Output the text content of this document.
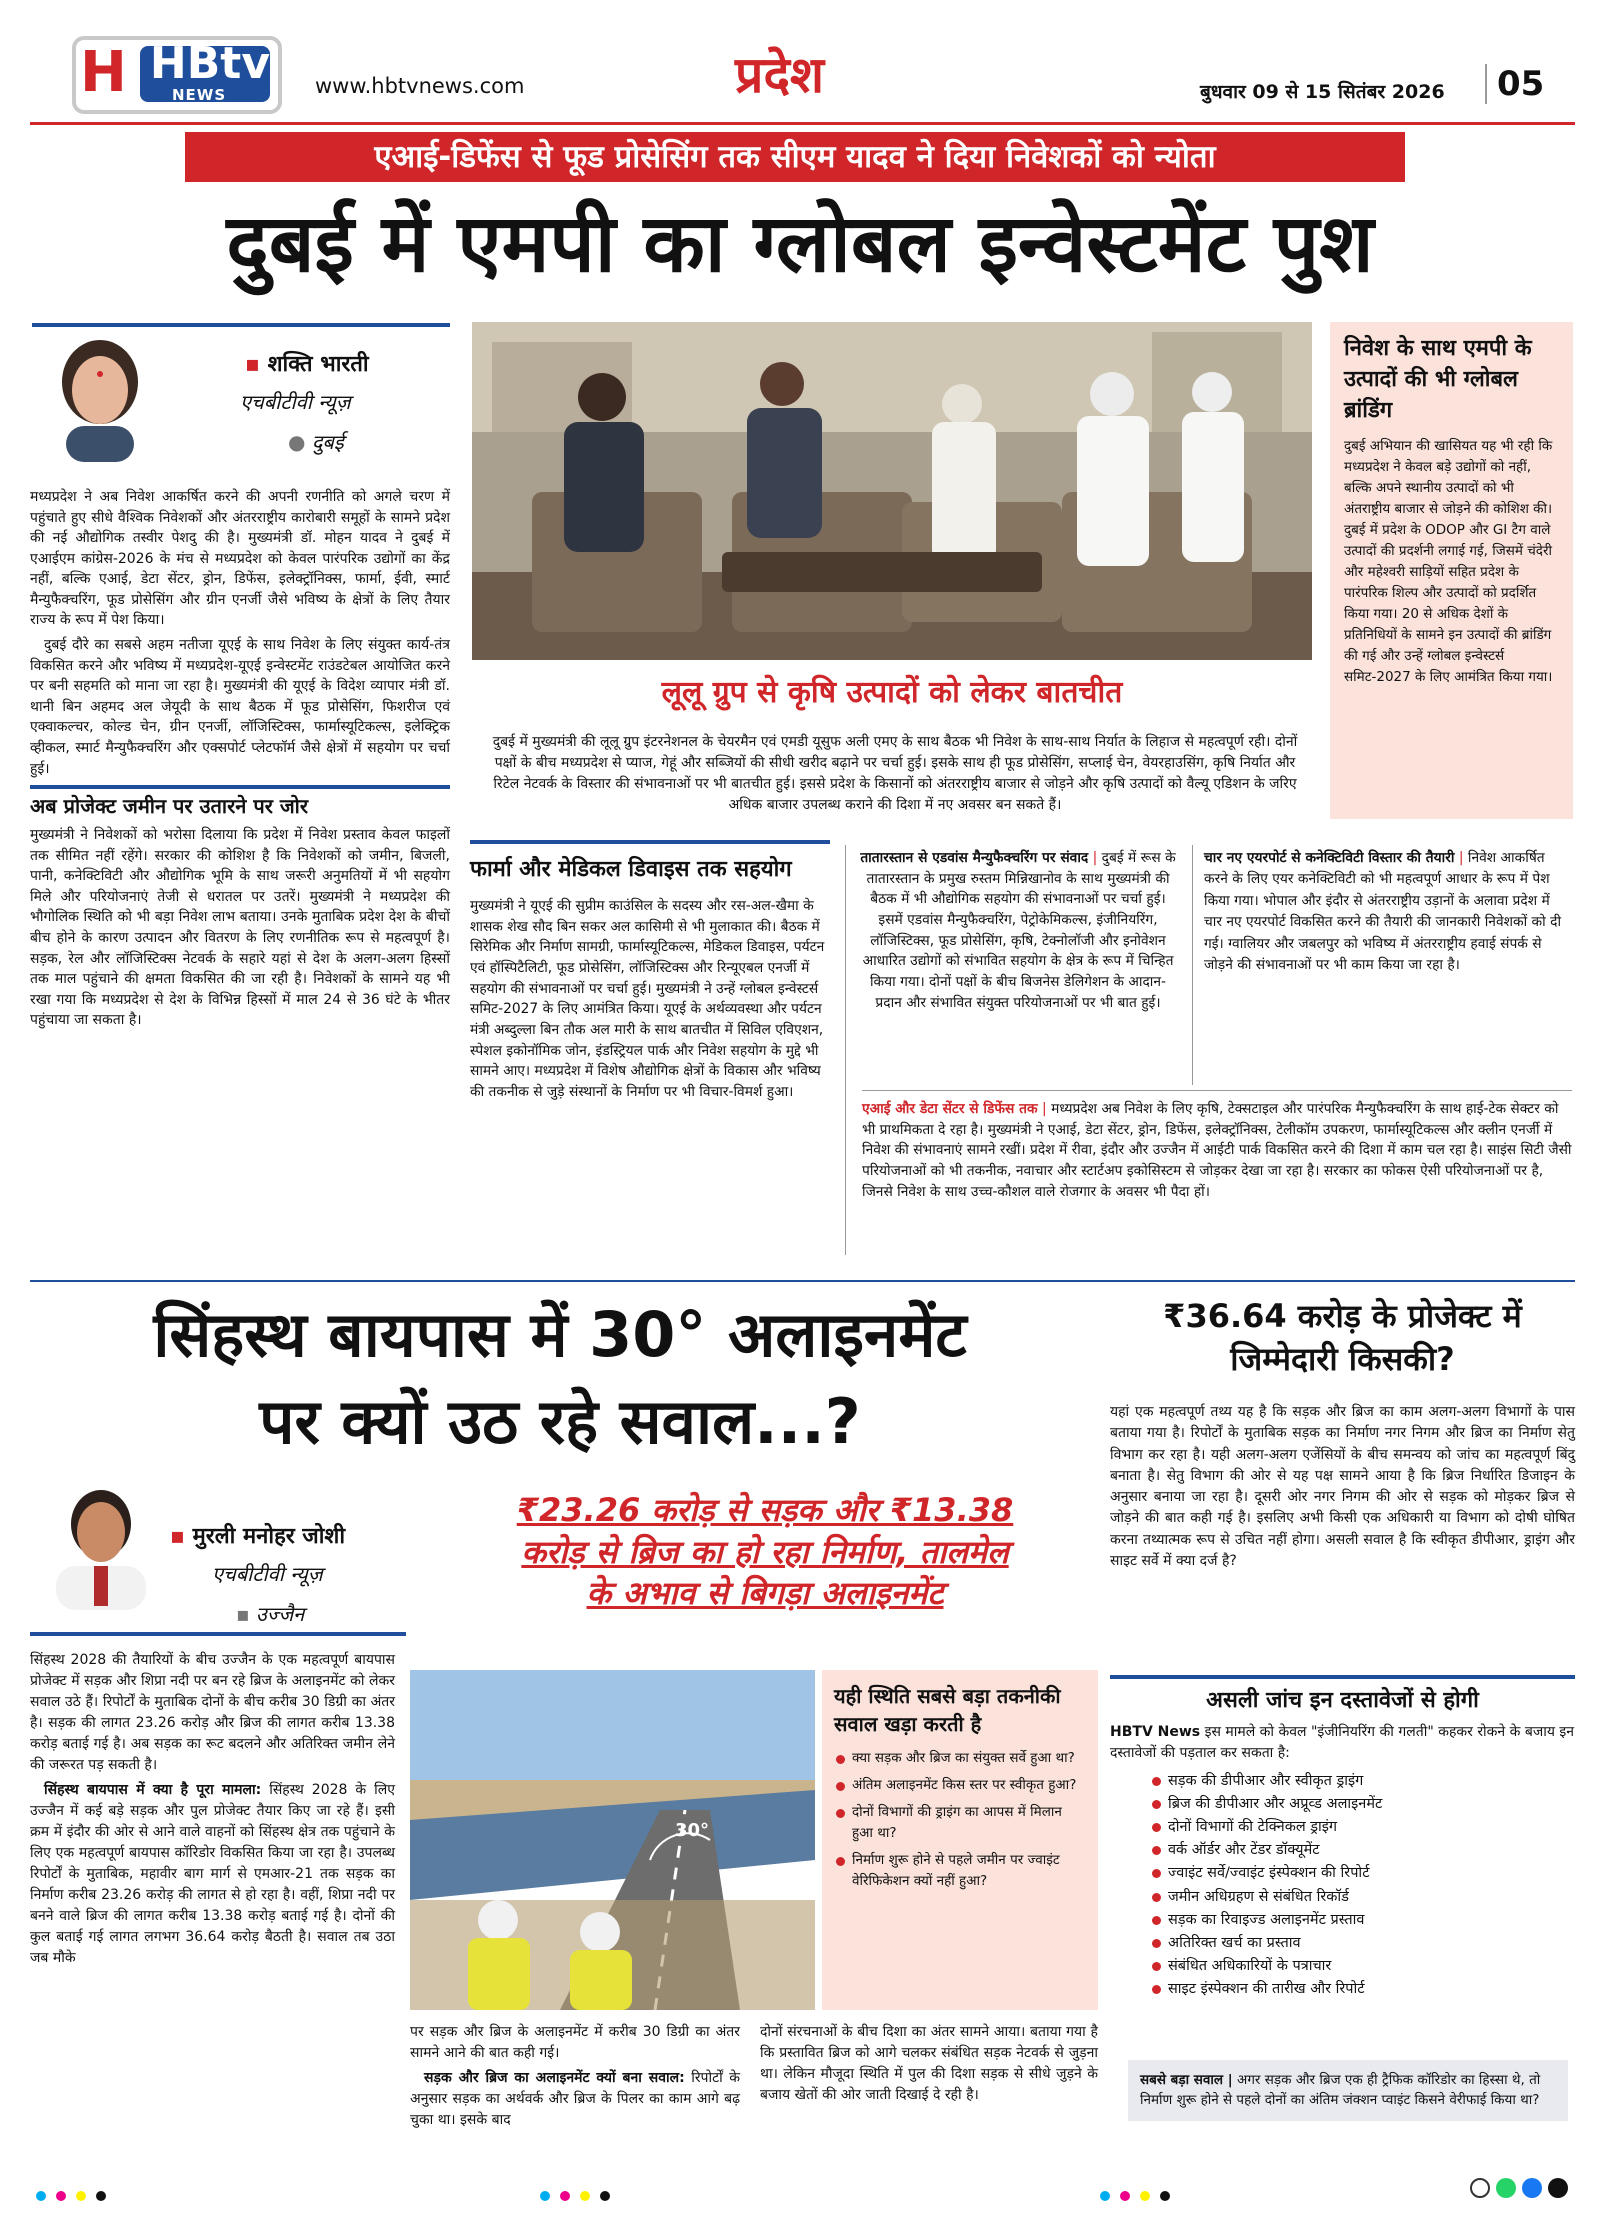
H HBtv
NEWS	www.hbtvnews.com	प्रदेश	बुधवार 09 से 15 सितंबर 2026	05
एआई-डिफेंस से फूड प्रोसेसिंग तक सीएम यादव ने दिया निवेशकों को न्योता
दुबई में एमपी का ग्लोबल इन्वेस्टमेंट पुश
▪ शक्ति भारती
एचबीटीवी न्यूज़
● दुबई

मध्यप्रदेश ने अब निवेश आकर्षित करने की अपनी रणनीति को अगले चरण में पहुंचाते हुए सीधे वैश्विक निवेशकों और अंतरराष्ट्रीय कारोबारी समूहों के सामने प्रदेश की नई औद्योगिक तस्वीर पेशदु की है। मुख्यमंत्री डॉ. मोहन यादव ने दुबई में एआईएम कांग्रेस-2026 के मंच से मध्यप्रदेश को केवल पारंपरिक उद्योगों का केंद्र नहीं, बल्कि एआई, डेटा सेंटर, ड्रोन, डिफेंस, इलेक्ट्रॉनिक्स, फार्मा, ईवी, स्मार्ट मैन्युफैक्चरिंग, फूड प्रोसेसिंग और ग्रीन एनर्जी जैसे भविष्य के क्षेत्रों के लिए तैयार राज्य के रूप में पेश किया।

दुबई दौरे का सबसे अहम नतीजा यूएई के साथ निवेश के लिए संयुक्त कार्य-तंत्र विकसित करने और भविष्य में मध्यप्रदेश-यूएई इन्वेस्टमेंट राउंडटेबल आयोजित करने पर बनी सहमति को माना जा रहा है। मुख्यमंत्री की यूएई के विदेश व्यापार मंत्री डॉ. थानी बिन अहमद अल जेयूदी के साथ बैठक में फूड प्रोसेसिंग, फिशरीज एवं एक्वाकल्चर, कोल्ड चेन, ग्रीन एनर्जी, लॉजिस्टिक्स, फार्मास्यूटिकल्स, इलेक्ट्रिक व्हीकल, स्मार्ट मैन्युफैक्चरिंग और एक्सपोर्ट प्लेटफॉर्म जैसे क्षेत्रों में सहयोग पर चर्चा हुई।

अब प्रोजेक्ट जमीन पर उतारने पर जोर

मुख्यमंत्री ने निवेशकों को भरोसा दिलाया कि प्रदेश में निवेश प्रस्ताव केवल फाइलों तक सीमित नहीं रहेंगे। सरकार की कोशिश है कि निवेशकों को जमीन, बिजली, पानी, कनेक्टिविटी और औद्योगिक भूमि के साथ जरूरी अनुमतियों में भी सहयोग मिले और परियोजनाएं तेजी से धरातल पर उतरें। मुख्यमंत्री ने मध्यप्रदेश की भौगोलिक स्थिति को भी बड़ा निवेश लाभ बताया। उनके मुताबिक प्रदेश देश के बीचों बीच होने के कारण उत्पादन और वितरण के लिए रणनीतिक रूप से महत्वपूर्ण है। सड़क, रेल और लॉजिस्टिक्स नेटवर्क के सहारे यहां से देश के अलग-अलग हिस्सों तक माल पहुंचाने की क्षमता विकसित की जा रही है। निवेशकों के सामने यह भी रखा गया कि मध्यप्रदेश से देश के विभिन्न हिस्सों में माल 24 से 36 घंटे के भीतर पहुंचाया जा सकता है।

लूलू ग्रुप से कृषि उत्पादों को लेकर बातचीत
दुबई में मुख्यमंत्री की लूलू ग्रुप इंटरनेशनल के चेयरमैन एवं एमडी यूसुफ अली एमए के साथ बैठक भी निवेश के साथ-साथ निर्यात के लिहाज से महत्वपूर्ण रही। दोनों पक्षों के बीच मध्यप्रदेश से प्याज, गेहूं और सब्जियों की सीधी खरीद बढ़ाने पर चर्चा हुई। इसके साथ ही फूड प्रोसेसिंग, सप्लाई चेन, वेयरहाउसिंग, कृषि निर्यात और रिटेल नेटवर्क के विस्तार की संभावनाओं पर भी बातचीत हुई। इससे प्रदेश के किसानों को अंतरराष्ट्रीय बाजार से जोड़ने और कृषि उत्पादों को वैल्यू एडिशन के जरिए अधिक बाजार उपलब्ध कराने की दिशा में नए अवसर बन सकते हैं।
निवेश के साथ एमपी के उत्पादों की भी ग्लोबल ब्रांडिंग

दुबई अभियान की खासियत यह भी रही कि मध्यप्रदेश ने केवल बड़े उद्योगों को नहीं, बल्कि अपने स्थानीय उत्पादों को भी अंतराष्ट्रीय बाजार से जोड़ने की कोशिश की। दुबई में प्रदेश के ODOP और GI टैग वाले उत्पादों की प्रदर्शनी लगाई गई, जिसमें चंदेरी और महेश्वरी साड़ियों सहित प्रदेश के पारंपरिक शिल्प और उत्पादों को प्रदर्शित किया गया। 20 से अधिक देशों के प्रतिनिधियों के सामने इन उत्पादों की ब्रांडिंग की गई और उन्हें ग्लोबल इन्वेस्टर्स समिट-2027 के लिए आमंत्रित किया गया।

फार्मा और मेडिकल डिवाइस तक सहयोग

मुख्यमंत्री ने यूएई की सुप्रीम काउंसिल के सदस्य और रस-अल-खैमा के शासक शेख सौद बिन सकर अल कासिमी से भी मुलाकात की। बैठक में सिरेमिक और निर्माण सामग्री, फार्मास्यूटिकल्स, मेडिकल डिवाइस, पर्यटन एवं हॉस्पिटैलिटी, फूड प्रोसेसिंग, लॉजिस्टिक्स और रिन्यूएबल एनर्जी में सहयोग की संभावनाओं पर चर्चा हुई। मुख्यमंत्री ने उन्हें ग्लोबल इन्वेस्टर्स समिट-2027 के लिए आमंत्रित किया। यूएई के अर्थव्यवस्था और पर्यटन मंत्री अब्दुल्ला बिन तौक अल मारी के साथ बातचीत में सिविल एविएशन, स्पेशल इकोनॉमिक जोन, इंडस्ट्रियल पार्क और निवेश सहयोग के मुद्दे भी सामने आए। मध्यप्रदेश में विशेष औद्योगिक क्षेत्रों के विकास और भविष्य की तकनीक से जुड़े संस्थानों के निर्माण पर भी विचार-विमर्श हुआ।

तातारस्तान से एडवांस मैन्युफैक्चरिंग पर संवाद | दुबई में रूस के तातारस्तान के प्रमुख रुस्तम मिन्निखानोव के साथ मुख्यमंत्री की बैठक में भी औद्योगिक सहयोग की संभावनाओं पर चर्चा हुई। इसमें एडवांस मैन्युफैक्चरिंग, पेट्रोकेमिकल्स, इंजीनियरिंग, लॉजिस्टिक्स, फूड प्रोसेसिंग, कृषि, टेक्नोलॉजी और इनोवेशन आधारित उद्योगों को संभावित सहयोग के क्षेत्र के रूप में चिन्हित किया गया। दोनों पक्षों के बीच बिजनेस डेलिगेशन के आदान-प्रदान और संभावित संयुक्त परियोजनाओं पर भी बात हुई।

चार नए एयरपोर्ट से कनेक्टिविटी विस्तार की तैयारी | निवेश आकर्षित करने के लिए एयर कनेक्टिविटी को भी महत्वपूर्ण आधार के रूप में पेश किया गया। भोपाल और इंदौर से अंतरराष्ट्रीय उड़ानों के अलावा प्रदेश में चार नए एयरपोर्ट विकसित करने की तैयारी की जानकारी निवेशकों को दी गई। ग्वालियर और जबलपुर को भविष्य में अंतरराष्ट्रीय हवाई संपर्क से जोड़ने की संभावनाओं पर भी काम किया जा रहा है।

एआई और डेटा सेंटर से डिफेंस तक | मध्यप्रदेश अब निवेश के लिए कृषि, टेक्सटाइल और पारंपरिक मैन्युफैक्चरिंग के साथ हाई-टेक सेक्टर को भी प्राथमिकता दे रहा है। मुख्यमंत्री ने एआई, डेटा सेंटर, ड्रोन, डिफेंस, इलेक्ट्रॉनिक्स, टेलीकॉम उपकरण, फार्मास्यूटिकल्स और क्लीन एनर्जी में निवेश की संभावनाएं सामने रखीं। प्रदेश में रीवा, इंदौर और उज्जैन में आईटी पार्क विकसित करने की दिशा में काम चल रहा है। साइंस सिटी जैसी परियोजनाओं को भी तकनीक, नवाचार और स्टार्टअप इकोसिस्टम से जोड़कर देखा जा रहा है। सरकार का फोकस ऐसी परियोजनाओं पर है, जिनसे निवेश के साथ उच्च-कौशल वाले रोजगार के अवसर भी पैदा हों।

सिंहस्थ बायपास में 30° अलाइनमेंट
पर क्यों उठ रहे सवाल...?
▪ मुरली मनोहर जोशी
एचबीटीवी न्यूज़
▪ उज्जैन
₹23.26 करोड़ से सड़क और ₹13.38
करोड़ से ब्रिज का हो रहा निर्माण, तालमेल
के अभाव से बिगड़ा अलाइनमेंट
₹36.64 करोड़ के प्रोजेक्ट में जिम्मेदारी किसकी?
यहां एक महत्वपूर्ण तथ्य यह है कि सड़क और ब्रिज का काम अलग-अलग विभागों के पास बताया गया है। रिपोर्टों के मुताबिक सड़क का निर्माण नगर निगम और ब्रिज का निर्माण सेतु विभाग कर रहा है। यही अलग-अलग एजेंसियों के बीच समन्वय को जांच का महत्वपूर्ण बिंदु बनाता है। सेतु विभाग की ओर से यह पक्ष सामने आया है कि ब्रिज निर्धारित डिजाइन के अनुसार बनाया जा रहा है। दूसरी ओर नगर निगम की ओर से सड़क को मोड़कर ब्रिज से जोड़ने की बात कही गई है। इसलिए अभी किसी एक अधिकारी या विभाग को दोषी घोषित करना तथ्यात्मक रूप से उचित नहीं होगा। असली सवाल है कि स्वीकृत डीपीआर, ड्राइंग और साइट सर्वे में क्या दर्ज है?
असली जांच इन दस्तावेजों से होगी

HBTV News इस मामले को केवल "इंजीनियरिंग की गलती" कहकर रोकने के बजाय इन दस्तावेजों की पड़ताल कर सकता है:

सड़क की डीपीआर और स्वीकृत ड्राइंग
ब्रिज की डीपीआर और अप्रूव्ड अलाइनमेंट
दोनों विभागों की टेक्निकल ड्राइंग
वर्क ऑर्डर और टेंडर डॉक्यूमेंट
ज्वाइंट सर्वे/ज्वाइंट इंस्पेक्शन की रिपोर्ट
जमीन अधिग्रहण से संबंधित रिकॉर्ड
सड़क का रिवाइज्ड अलाइनमेंट प्रस्ताव
अतिरिक्त खर्च का प्रस्ताव
संबंधित अधिकारियों के पत्राचार
साइट इंस्पेक्शन की तारीख और रिपोर्ट

सबसे बड़ा सवाल | अगर सड़क और ब्रिज एक ही ट्रैफिक कॉरिडोर का हिस्सा थे, तो निर्माण शुरू होने से पहले दोनों का अंतिम जंक्शन प्वाइंट किसने वेरीफाई किया था?

सिंहस्थ 2028 की तैयारियों के बीच उज्जैन के एक महत्वपूर्ण बायपास प्रोजेक्ट में सड़क और शिप्रा नदी पर बन रहे ब्रिज के अलाइनमेंट को लेकर सवाल उठे हैं। रिपोर्टों के मुताबिक दोनों के बीच करीब 30 डिग्री का अंतर है। सड़क की लागत 23.26 करोड़ और ब्रिज की लागत करीब 13.38 करोड़ बताई गई है। अब सड़क का रूट बदलने और अतिरिक्त जमीन लेने की जरूरत पड़ सकती है।

सिंहस्थ बायपास में क्या है पूरा मामला: सिंहस्थ 2028 के लिए उज्जैन में कई बड़े सड़क और पुल प्रोजेक्ट तैयार किए जा रहे हैं। इसी क्रम में इंदौर की ओर से आने वाले वाहनों को सिंहस्थ क्षेत्र तक पहुंचाने के लिए एक महत्वपूर्ण बायपास कॉरिडोर विकसित किया जा रहा है। उपलब्ध रिपोर्टों के मुताबिक, महावीर बाग मार्ग से एमआर-21 तक सड़क का निर्माण करीब 23.26 करोड़ की लागत से हो रहा है। वहीं, शिप्रा नदी पर बनने वाले ब्रिज की लागत करीब 13.38 करोड़ बताई गई है। दोनों की कुल बताई गई लागत लगभग 36.64 करोड़ बैठती है। सवाल तब उठा जब मौके

30°
यही स्थिति सबसे बड़ा तकनीकी सवाल खड़ा करती है
क्या सड़क और ब्रिज का संयुक्त सर्वे हुआ था?
अंतिम अलाइनमेंट किस स्तर पर स्वीकृत हुआ?
दोनों विभागों की ड्राइंग का आपस में मिलान हुआ था?
निर्माण शुरू होने से पहले जमीन पर ज्वाइंट वेरिफिकेशन क्यों नहीं हुआ?

पर सड़क और ब्रिज के अलाइनमेंट में करीब 30 डिग्री का अंतर सामने आने की बात कही गई।

सड़क और ब्रिज का अलाइनमेंट क्यों बना सवाल: रिपोर्टों के अनुसार सड़क का अर्थवर्क और ब्रिज के पिलर का काम आगे बढ़ चुका था। इसके बाद

दोनों संरचनाओं के बीच दिशा का अंतर सामने आया। बताया गया है कि प्रस्तावित ब्रिज को आगे चलकर संबंधित सड़क नेटवर्क से जुड़ना था। लेकिन मौजूदा स्थिति में पुल की दिशा सड़क से सीधे जुड़ने के बजाय खेतों की ओर जाती दिखाई दे रही है।
